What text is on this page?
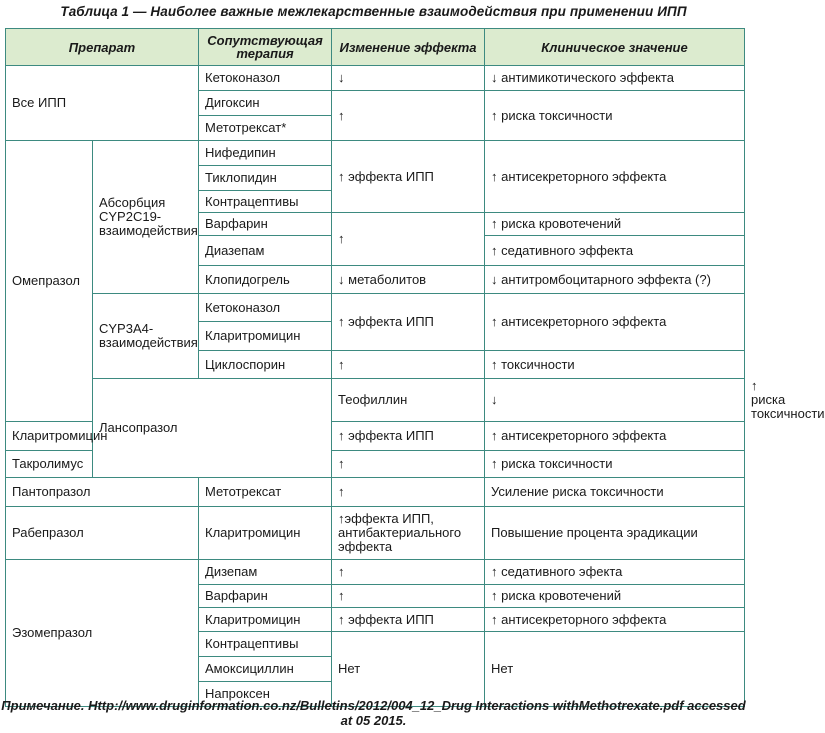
Таблица 1 — Наиболее важные межлекарственные взаимодействия при применении ИПП
Препарат		Сопутствующая терапия	Изменение эффекта	Клиническое значение	
Все ИПП		Кетоконазол	↓	↓ антимикотического эффекта	
		Дигоксин	↑	↑ риска токсичности	
		Метотрексат*			
Омепразол	Абсорбция CYP2C19-взаимодействия	Нифедипин	↑ эффекта ИПП	↑ антисекреторного эффекта	
		Тиклопидин			
		Контрацептивы			
		Варфарин	↑	↑ риска кровотечений	
		Диазепам		↑ седативного эффекта	
		Клопидогрель	↓ метаболитов	↓ антитромбоцитарного эффекта (?)	
	CYP3A4-взаимодействия	Кетоконазол	↑ эффекта ИПП	↑ антисекреторного эффекта	
		Кларитромицин			
		Циклоспорин	↑	↑ токсичности	
	Лансопразол		Теофиллин	↓	↑ риска токсичности
Кларитромицин			↑ эффекта ИПП	↑ антисекреторного эффекта	
Такролимус			↑	↑ риска токсичности	
Пантопразол		Метотрексат	↑	Усиление риска токсичности	
Рабепразол		Кларитромицин	↑эффекта ИПП, антибактериального эффекта	Повышение процента эрадикации	
Эзомепразол		Дизепам	↑	↑ седативного эфекта	
		Варфарин	↑	↑ риска кровотечений	
		Кларитромицин	↑ эффекта ИПП	↑ антисекреторного эффекта	
		Контрацептивы	Нет	Нет	
		Амоксициллин			
		Напроксен			
Примечание. Http://www.druginformation.co.nz/Bulletins/2012/004_12_Drug Interactions withMethotrexate.pdf accessed at 05 2015.
